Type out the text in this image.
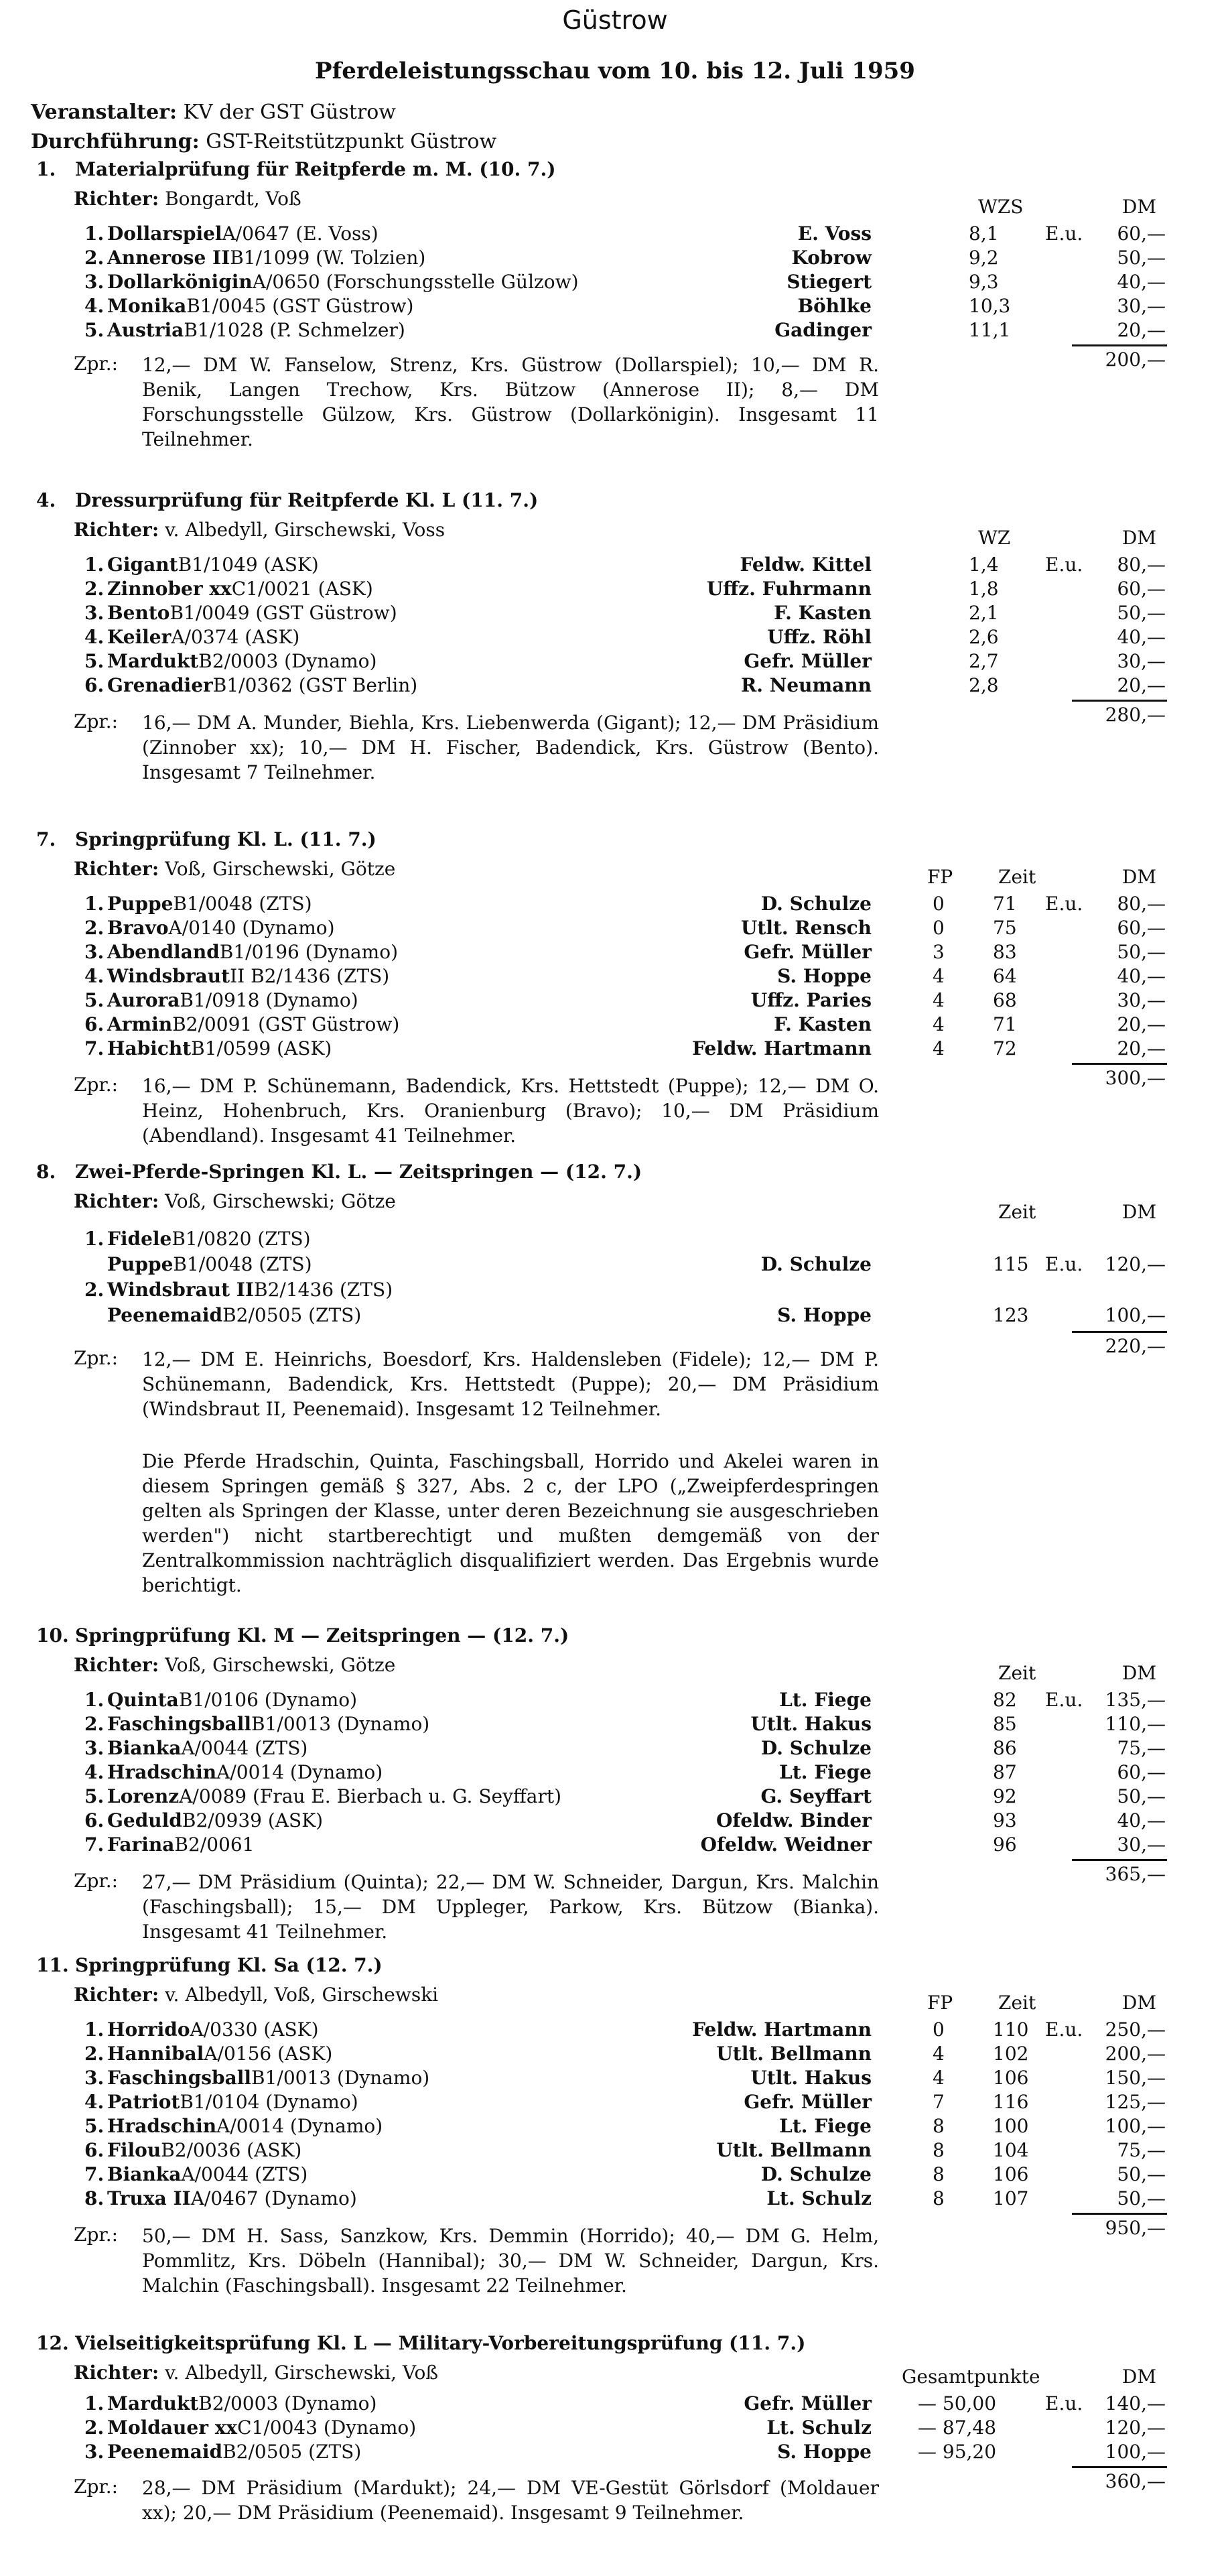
Güstrow
Pferdeleistungsschau vom 10. bis 12. Juli 1959
Veranstalter: KV der GST Güstrow
Durchführung: GST-Reitstützpunkt Güstrow
1. Materialprüfung für Reitpferde m. M. (10. 7.)
Richter: Bongardt, Voß	WZS	DM
1. Dollarspiel A/0647 (E. Voss)	E. Voss	8,1 E.u. 60,—
2. Annerose II B1/1099 (W. Tolzien)	Kobrow	9,2	50,—
3. Dollarkönigin A/0650 (Forschungsstelle Gülzow)	Stiegert	9,3	40,—
4. Monika B1/0045 (GST Güstrow)	Böhlke	10,3	30,—
5. Austria B1/1028 (P. Schmelzer)	Gadinger	11,1	20,—
200,—
Zpr.: 12,— DM W. Fanselow, Strenz, Krs. Güstrow (Dollarspiel); 10,— DM R. Benik, Langen Trechow, Krs. Bützow (Annerose II); 8,— DM Forschungsstelle Gülzow, Krs. Güstrow (Dollarkönigin). Insgesamt 11 Teilnehmer.
4. Dressurprüfung für Reitpferde Kl. L (11. 7.)
Richter: v. Albedyll, Girschewski, Voss	WZ	DM
1. Gigant B1/1049 (ASK)	Feldw. Kittel	1,4 E.u. 80,—
2. Zinnober xx C1/0021 (ASK)	Uffz. Fuhrmann	1,8	60,—
3. Bento B1/0049 (GST Güstrow)	F. Kasten	2,1	50,—
4. Keiler A/0374 (ASK)	Uffz. Röhl	2,6	40,—
5. Mardukt B2/0003 (Dynamo)	Gefr. Müller	2,7	30,—
6. Grenadier B1/0362 (GST Berlin)	R. Neumann	2,8	20,—
280,—
Zpr.: 16,— DM A. Munder, Biehla, Krs. Liebenwerda (Gigant); 12,— DM Präsidium (Zinnober xx); 10,— DM H. Fischer, Badendick, Krs. Güstrow (Bento). Insgesamt 7 Teilnehmer.
7. Springprüfung Kl. L. (11. 7.)
Richter: Voß, Girschewski, Götze	FP Zeit	DM
1. Puppe B1/0048 (ZTS)	D. Schulze	0	71 E.u. 80,—
2. Bravo A/0140 (Dynamo)	Utlt. Rensch	0	75	60,—
3. Abendland B1/0196 (Dynamo)	Gefr. Müller	3	83	50,—
4. Windsbraut II B2/1436 (ZTS)	S. Hoppe	4	64	40,—
5. Aurora B1/0918 (Dynamo)	Uffz. Paries	4	68	30,—
6. Armin B2/0091 (GST Güstrow)	F. Kasten	4	71	20,—
7. Habicht B1/0599 (ASK)	Feldw. Hartmann	4	72	20,—
300,—
Zpr.: 16,— DM P. Schünemann, Badendick, Krs. Hettstedt (Puppe); 12,— DM O. Heinz, Hohenbruch, Krs. Oranienburg (Bravo); 10,— DM Präsidium (Abendland). Insgesamt 41 Teilnehmer.
8. Zwei-Pferde-Springen Kl. L. — Zeitspringen — (12. 7.)
Richter: Voß, Girschewski; Götze	Zeit	DM
1. Fidele B1/0820 (ZTS)
Puppe B1/0048 (ZTS)	D. Schulze	115 E.u. 120,—
2. Windsbraut II B2/1436 (ZTS)
Peenemaid B2/0505 (ZTS)	S. Hoppe	123	100,—
220,—
Zpr.: 12,— DM E. Heinrichs, Boesdorf, Krs. Haldensleben (Fidele); 12,— DM P. Schünemann, Badendick, Krs. Hettstedt (Puppe); 20,— DM Präsidium (Windsbraut II, Peenemaid). Insgesamt 12 Teilnehmer.
Die Pferde Hradschin, Quinta, Faschingsball, Horrido und Akelei waren in diesem Springen gemäß § 327, Abs. 2 c, der LPO („Zweipferdespringen gelten als Springen der Klasse, unter deren Bezeichnung sie ausgeschrieben werden") nicht startberechtigt und mußten demgemäß von der Zentralkommission nachträglich disqualifiziert werden. Das Ergebnis wurde berichtigt.
10. Springprüfung Kl. M — Zeitspringen — (12. 7.)
Richter: Voß, Girschewski, Götze	Zeit	DM
1. Quinta B1/0106 (Dynamo)	Lt. Fiege	82 E.u. 135,—
2. Faschingsball B1/0013 (Dynamo)	Utlt. Hakus	85	110,—
3. Bianka A/0044 (ZTS)	D. Schulze	86	75,—
4. Hradschin A/0014 (Dynamo)	Lt. Fiege	87	60,—
5. Lorenz A/0089 (Frau E. Bierbach u. G. Seyffart)	G. Seyffart	92	50,—
6. Geduld B2/0939 (ASK)	Ofeldw. Binder	93	40,—
7. Farina B2/0061	Ofeldw. Weidner	96	30,—
365,—
Zpr.: 27,— DM Präsidium (Quinta); 22,— DM W. Schneider, Dargun, Krs. Malchin (Faschingsball); 15,— DM Uppleger, Parkow, Krs. Bützow (Bianka). Insgesamt 41 Teilnehmer.
11. Springprüfung Kl. Sa (12. 7.)
Richter: v. Albedyll, Voß, Girschewski	FP Zeit	DM
1. Horrido A/0330 (ASK)	Feldw. Hartmann	0	110 E.u. 250,—
2. Hannibal A/0156 (ASK)	Utlt. Bellmann	4	102	200,—
3. Faschingsball B1/0013 (Dynamo)	Utlt. Hakus	4	106	150,—
4. Patriot B1/0104 (Dynamo)	Gefr. Müller	7	116	125,—
5. Hradschin A/0014 (Dynamo)	Lt. Fiege	8	100	100,—
6. Filou B2/0036 (ASK)	Utlt. Bellmann	8	104	75,—
7. Bianka A/0044 (ZTS)	D. Schulze	8	106	50,—
8. Truxa II A/0467 (Dynamo)	Lt. Schulz	8	107	50,—
950,—
Zpr.: 50,— DM H. Sass, Sanzkow, Krs. Demmin (Horrido); 40,— DM G. Helm, Pommlitz, Krs. Döbeln (Hannibal); 30,— DM W. Schneider, Dargun, Krs. Malchin (Faschingsball). Insgesamt 22 Teilnehmer.
12. Vielseitigkeitsprüfung Kl. L — Military-Vorbereitungsprüfung (11. 7.)
Richter: v. Albedyll, Girschewski, Voß	Gesamtpunkte	DM
1. Mardukt B2/0003 (Dynamo)	Gefr. Müller — 50,00	E.u. 140,—
2. Moldauer xx C1/0043 (Dynamo)	Lt. Schulz — 87,48	120,—
3. Peenemaid B2/0505 (ZTS)	S. Hoppe — 95,20	100,—
360,—
Zpr.: 28,— DM Präsidium (Mardukt); 24,— DM VE-Gestüt Görlsdorf (Moldauer xx); 20,— DM Präsidium (Peenemaid). Insgesamt 9 Teilnehmer.
